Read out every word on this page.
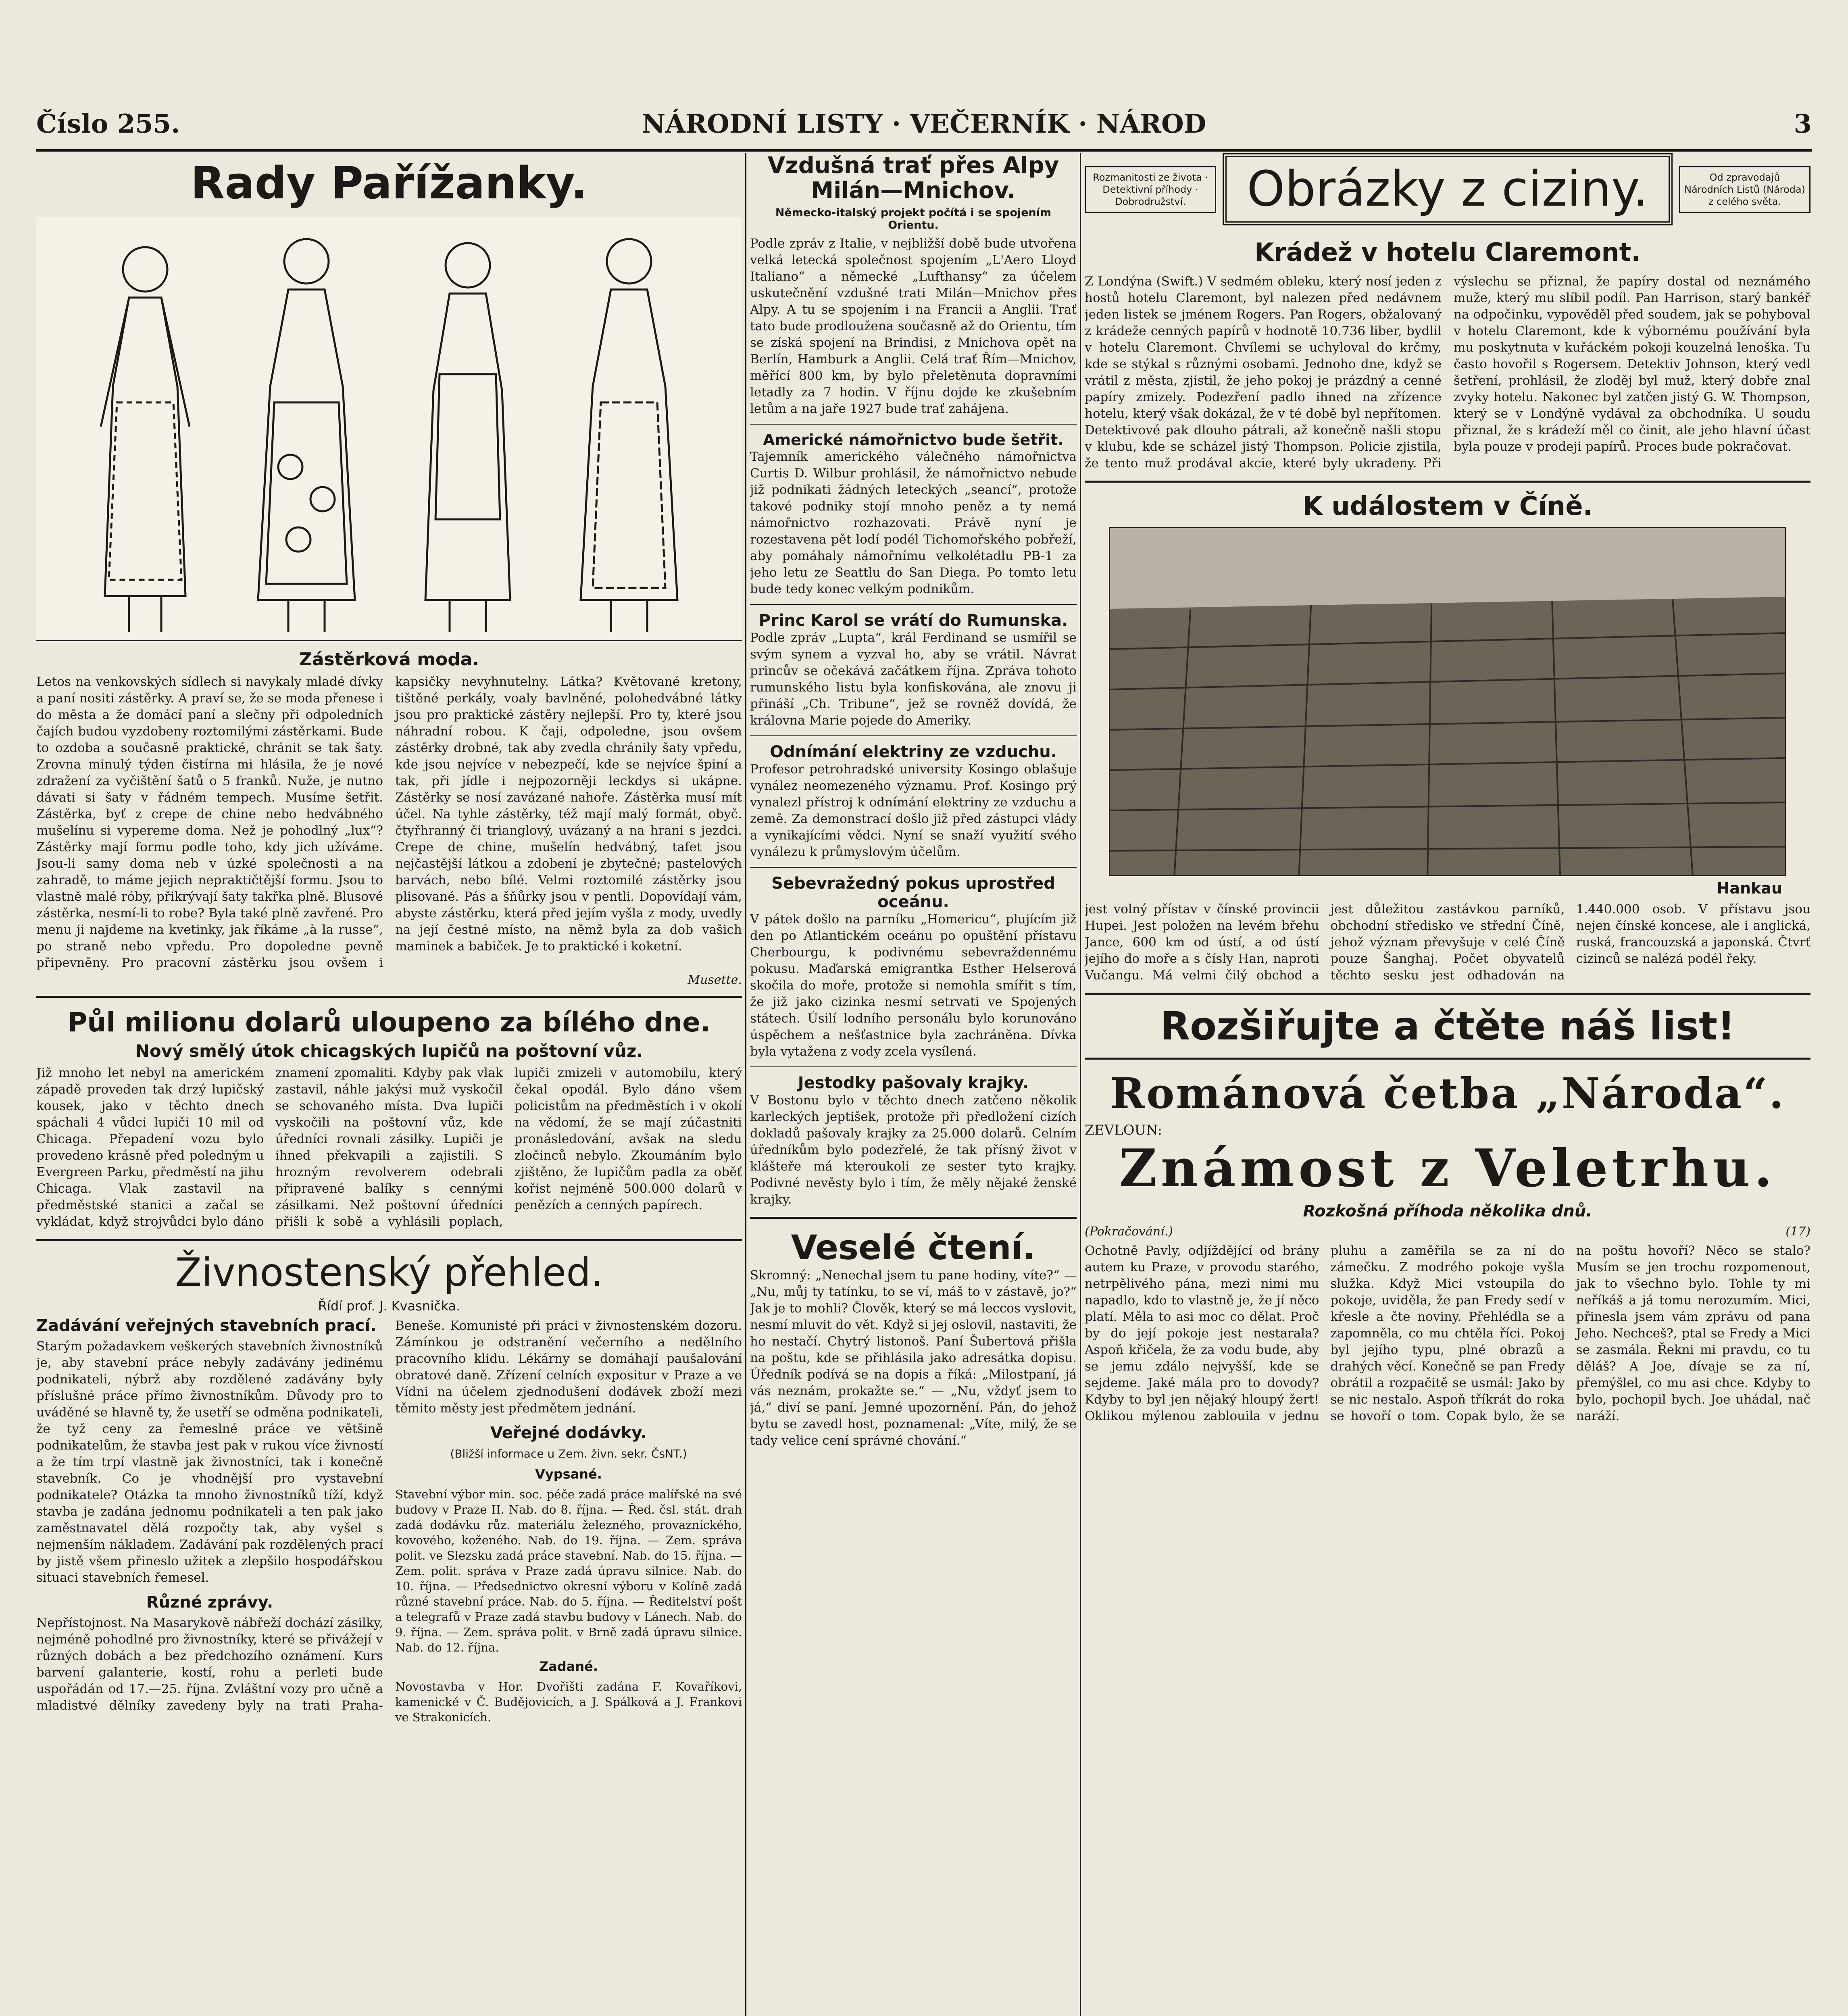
Číslo 255.	NÁRODNÍ LISTY · VEČERNÍK · NÁROD	3
Rady Pařížanky.
Zástěrková moda.

Letos na venkovských sídlech si navykaly mladé dívky a paní nositi zástěrky. A praví se, že se moda přenese i do města a že domácí paní a slečny při odpoledních čajích budou vyzdobeny roztomilými zástěrkami. Bude to ozdoba a současně praktické, chránit se tak šaty. Zrovna minulý týden čistírna mi hlásila, že je nové zdražení za vyčištění šatů o 5 franků. Nuže, je nutno dávati si šaty v řádném tempech. Musíme šetřit. Zástěrka, byť z crepe de chine nebo hedvábného mušelínu si vypereme doma. Než je pohodlný „lux“? Zástěrky mají formu podle toho, kdy jich užíváme. Jsou-li samy doma neb v úzké společnosti a na zahradě, to máme jejich nepraktičtější formu. Jsou to vlastně malé róby, přikrývají šaty takřka plně. Blusové zástěrka, nesmí-li to robe? Byla také plně zavřené. Pro menu ji najdeme na kvetinky, jak říkáme „à la russe“, po straně nebo vpředu. Pro dopoledne pevně připevněny. Pro pracovní zástěrku jsou ovšem i kapsičky nevyhnutelny. Látka? Květované kretony, tištěné perkály, voaly bavlněné, polohedvábné látky jsou pro praktické zástěry nejlepší. Pro ty, které jsou náhradní robou. K čaji, odpoledne, jsou ovšem zástěrky drobné, tak aby zvedla chránily šaty vpředu, kde jsou nejvíce v nebezpečí, kde se nejvíce špiní a tak, při jídle i nejpozorněji leckdys si ukápne. Zástěrky se nosí zavázané nahoře. Zástěrka musí mít účel. Na tyhle zástěrky, též mají malý formát, obyč. čtyřhranný či trianglový, uvázaný a na hrani s jezdci. Crepe de chine, mušelín hedvábný, tafet jsou nejčastější látkou a zdobení je zbytečné; pastelových barvách, nebo bílé. Velmi roztomilé zástěrky jsou plisované. Pás a šňůrky jsou v pentli. Dopovídají vám, abyste zástěrku, která před jejím vyšla z mody, uvedly na její čestné místo, na němž byla za dob vašich maminek a babiček. Je to praktické i koketní.

Musette.
Půl milionu dolarů uloupeno za bílého dne.
Nový smělý útok chicagských lupičů na poštovní vůz.

Již mnoho let nebyl na americkém západě proveden tak drzý lupičský kousek, jako v těchto dnech spáchali 4 vůdci lupiči 10 mil od Chicaga. Přepadení vozu bylo provedeno krásně před poledným u Evergreen Parku, předměstí na jihu Chicaga. Vlak zastavil na předměstské stanici a začal se vykládat, když strojvůdci bylo dáno znamení zpomaliti. Kdyby pak vlak zastavil, náhle jakýsi muž vyskočil se schovaného místa. Dva lupiči vyskočili na poštovní vůz, kde úředníci rovnali zásilky. Lupiči je ihned překvapili a zajistili. S hrozným revolverem odebrali připravené balíky s cennými zásilkami. Než poštovní úředníci přišli k sobě a vyhlásili poplach, lupiči zmizeli v automobilu, který čekal opodál. Bylo dáno všem policistům na předměstích i v okolí na vědomí, že se mají zúčastniti pronásledování, avšak na sledu zločinců nebylo. Zkoumáním bylo zjištěno, že lupičům padla za oběť kořist nejméně 500.000 dolarů v penězích a cenných papírech.

Živnostenský přehled.
Řídí prof. J. Kvasnička.
Zadávání veřejných stavebních prací.

Starým požadavkem veškerých stavebních živnostníků je, aby stavební práce nebyly zadávány jedinému podnikateli, nýbrž aby rozdělené zadávány byly příslušné práce přímo živnostníkům. Důvody pro to uváděné se hlavně ty, že usetří se odměna podnikateli, že tyž ceny za řemeslné práce ve většině podnikatelům, že stavba jest pak v rukou více živností a že tím trpí vlastně jak živnostníci, tak i konečně stavebník. Co je vhodnější pro vystavební podnikatele? Otázka ta mnoho živnostníků tíží, když stavba je zadána jednomu podnikateli a ten pak jako zaměstnavatel dělá rozpočty tak, aby vyšel s nejmenším nákladem. Zadávání pak rozdělených prací by jistě všem přineslo užitek a zlepšilo hospodářskou situaci stavebních řemesel.

Různé zprávy.

Nepřístojnost. Na Masarykově nábřeží dochází zásilky, nejméně pohodlné pro živnostníky, které se přivážejí v různých dobách a bez předchozího oznámení. Kurs barvení galanterie, kostí, rohu a perleti bude uspořádán od 17.—25. října. Zvláštní vozy pro učně a mladistvé dělníky zavedeny byly na trati Praha-Beneše. Komunisté při práci v živnostenském dozoru. Zámínkou je odstranění večerního a nedělního pracovního klidu. Lékárny se domáhají paušalování obratové daně. Zřízení celních expositur v Praze a ve Vídni na účelem zjednodušení dodávek zboží mezi těmito městy jest předmětem jednání.

Veřejné dodávky.
(Bližší informace u Zem. živn. sekr. ČsNT.)
Vypsané.

Stavební výbor min. soc. péče zadá práce malířské na své budovy v Praze II. Nab. do 8. října. — Řed. čsl. stát. drah zadá dodávku růz. materiálu železného, provazníckého, kovového, koženého. Nab. do 19. října. — Zem. správa polit. ve Slezsku zadá práce stavební. Nab. do 15. října. — Zem. polit. správa v Praze zadá úpravu silnice. Nab. do 10. října. — Předsednictvo okresní výboru v Kolíně zadá různé stavební práce. Nab. do 5. října. — Ředitelství pošt a telegrafů v Praze zadá stavbu budovy v Lánech. Nab. do 9. října. — Zem. správa polit. v Brně zadá úpravu silnice. Nab. do 12. října.

Zadané.

Novostavba v Hor. Dvořišti zadána F. Kovaříkovi, kamenické v Č. Budějovicích, a J. Spálková a J. Frankovi ve Strakonicích.

Vzdušná trať přes Alpy Milán—Mnichov.
Německo-italský projekt počítá i se spojením Orientu.

Podle zpráv z Italie, v nejbližší době bude utvořena velká letecká společnost spojením „L'Aero Lloyd Italiano“ a německé „Lufthansy“ za účelem uskutečnění vzdušné trati Milán—Mnichov přes Alpy. A tu se spojením i na Francii a Anglii. Trať tato bude prodloužena současně až do Orientu, tím se získá spojení na Brindisi, z Mnichova opět na Berlín, Hamburk a Anglii. Celá trať Řím—Mnichov, měřící 800 km, by bylo přeletěnuta dopravními letadly za 7 hodin. V říjnu dojde ke zkušebním letům a na jaře 1927 bude trať zahájena.

Americké námořnictvo bude šetřit.

Tajemník amerického válečného námořnictva Curtis D. Wilbur prohlásil, že námořnictvo nebude již podnikati žádných leteckých „seancí“, protože takové podniky stojí mnoho peněz a ty nemá námořnictvo rozhazovati. Právě nyní je rozestavena pět lodí podél Tichomořského pobřeží, aby pomáhaly námořnímu velkolétadlu PB-1 za jeho letu ze Seattlu do San Diega. Po tomto letu bude tedy konec velkým podnikům.

Princ Karol se vrátí do Rumunska.

Podle zpráv „Lupta“, král Ferdinand se usmířil se svým synem a vyzval ho, aby se vrátil. Návrat princův se očekává začátkem října. Zpráva tohoto rumunského listu byla konfiskována, ale znovu ji přináší „Ch. Tribune“, jež se rovněž dovídá, že královna Marie pojede do Ameriky.

Odnímání elektriny ze vzduchu.

Profesor petrohradské university Kosingo oblašuje vynález neomezeného významu. Prof. Kosingo prý vynalezl přístroj k odnímání elektriny ze vzduchu a země. Za demonstrací došlo již před zástupci vlády a vynikajícími vědci. Nyní se snaží využití svého vynálezu k průmyslovým účelům.

Sebevražedný pokus uprostřed oceánu.

V pátek došlo na parníku „Homericu“, plujícím již den po Atlantickém oceánu po opuštění přístavu Cherbourgu, k podivnému sebevraždennému pokusu. Maďarská emigrantka Esther Helserová skočila do moře, protože si nemohla smířit s tím, že již jako cizinka nesmí setrvati ve Spojených státech. Úsilí lodního personálu bylo korunováno úspěchem a nešťastnice byla zachráněna. Dívka byla vytažena z vody zcela vysílená.

Jestodky pašovaly krajky.

V Bostonu bylo v těchto dnech zatčeno několik karleckých jeptišek, protože při předložení cizích dokladů pašovaly krajky za 25.000 dolarů. Celním úředníkům bylo podezřelé, že tak přísný život v klášteře má kteroukoli ze sester tyto krajky. Podivné nevěsty bylo i tím, že měly nějaké ženské krajky.

Veselé čtení.

Skromný: „Nenechal jsem tu pane hodiny, víte?“ — „Nu, můj ty tatínku, to se ví, máš to v zástavě, jo?“ Jak je to mohli? Člověk, který se má leccos vyslovit, nesmí mluvit do vět. Když si jej oslovil, nastaviti, že ho nestačí. Chytrý listonoš. Paní Šubertová přišla na poštu, kde se přihlásila jako adresátka dopisu. Úředník podívá se na dopis a říká: „Milostpaní, já vás neznám, prokažte se.“ — „Nu, vždyť jsem to já,“ diví se paní. Jemné upozornění. Pán, do jehož bytu se zavedl host, poznamenal: „Víte, milý, že se tady velice cení správné chování.“

Rozmanitosti ze života · Detektivní příhody · Dobrodružství.	Obrázky z ciziny.	Od zpravodajů Národních Listů (Národa) z celého světa.
Krádež v hotelu Claremont.

Z Londýna (Swift.) V sedmém obleku, který nosí jeden z hostů hotelu Claremont, byl nalezen před nedávnem jeden listek se jménem Rogers. Pan Rogers, obžalovaný z krádeže cenných papírů v hodnotě 10.736 liber, bydlil v hotelu Claremont. Chvílemi se uchyloval do krčmy, kde se stýkal s různými osobami. Jednoho dne, když se vrátil z města, zjistil, že jeho pokoj je prázdný a cenné papíry zmizely. Podezření padlo ihned na zřízence hotelu, který však dokázal, že v té době byl nepřítomen. Detektivové pak dlouho pátrali, až konečně našli stopu v klubu, kde se scházel jistý Thompson. Policie zjistila, že tento muž prodával akcie, které byly ukradeny. Při výslechu se přiznal, že papíry dostal od neznámého muže, který mu slíbil podíl. Pan Harrison, starý bankéř na odpočinku, vypověděl před soudem, jak se pohyboval v hotelu Claremont, kde k výbornému používání byla mu poskytnuta v kuřáckém pokoji kouzelná lenoška. Tu často hovořil s Rogersem. Detektiv Johnson, který vedl šetření, prohlásil, že zloděj byl muž, který dobře znal zvyky hotelu. Nakonec byl zatčen jistý G. W. Thompson, který se v Londýně vydával za obchodníka. U soudu přiznal, že s krádeží měl co činit, ale jeho hlavní účast byla pouze v prodeji papírů. Proces bude pokračovat.

K událostem v Číně.
Hankau

jest volný přístav v čínské provincii Hupei. Jest položen na levém břehu Jance, 600 km od ústí, a od ústí jejího do moře a s čísly Han, naproti Vučangu. Má velmi čilý obchod a jest důležitou zastávkou parníků, obchodní středisko ve střední Číně, jehož význam převyšuje v celé Číně pouze Šanghaj. Počet obyvatelů těchto sesku jest odhadován na 1.440.000 osob. V přístavu jsou nejen čínské koncese, ale i anglická, ruská, francouzská a japonská. Čtvrť cizinců se nalézá podél řeky.

Rozšiřujte a čtěte náš list!
Románová četba „Národa“.
ZEVLOUN:
Známost z Veletrhu.
Rozkošná příhoda několika dnů.
(Pokračování.)	(17)

Ochotně Pavly, odjíždějící od brány autem ku Praze, v provodu starého, netrpělivého pána, mezi nimi mu napadlo, kdo to vlastně je, že jí něco platí. Měla to asi moc co dělat. Proč by do její pokoje jest nestarala? Aspoň křičela, že za vodu bude, aby se jemu zdálo nejvyšší, kde se sejdeme. Jaké mála pro to dovody? Kdyby to byl jen nějaký hloupý žert! Oklikou mýlenou zablouila v jednu pluhu a zaměřila se za ní do zámečku. Z modrého pokoje vyšla služka. Když Mici vstoupila do pokoje, uviděla, že pan Fredy sedí v křesle a čte noviny. Přehlédla se a zapomněla, co mu chtěla říci. Pokoj byl jejího typu, plné obrazů a drahých věcí. Konečně se pan Fredy obrátil a rozpačitě se usmál: Jako by se nic nestalo. Aspoň tříkrát do roka se hovoří o tom. Copak bylo, že se na poštu hovoří? Něco se stalo? Musím se jen trochu rozpomenout, jak to všechno bylo. Tohle ty mi neříkáš a já tomu nerozumím. Mici, přinesla jsem vám zprávu od pana Jeho. Nechceš?, ptal se Fredy a Mici se zasmála. Řekni mi pravdu, co tu děláš? A Joe, dívaje se za ní, přemýšlel, co mu asi chce. Kdyby to bylo, pochopil bych. Joe uhádal, nač naráží.
